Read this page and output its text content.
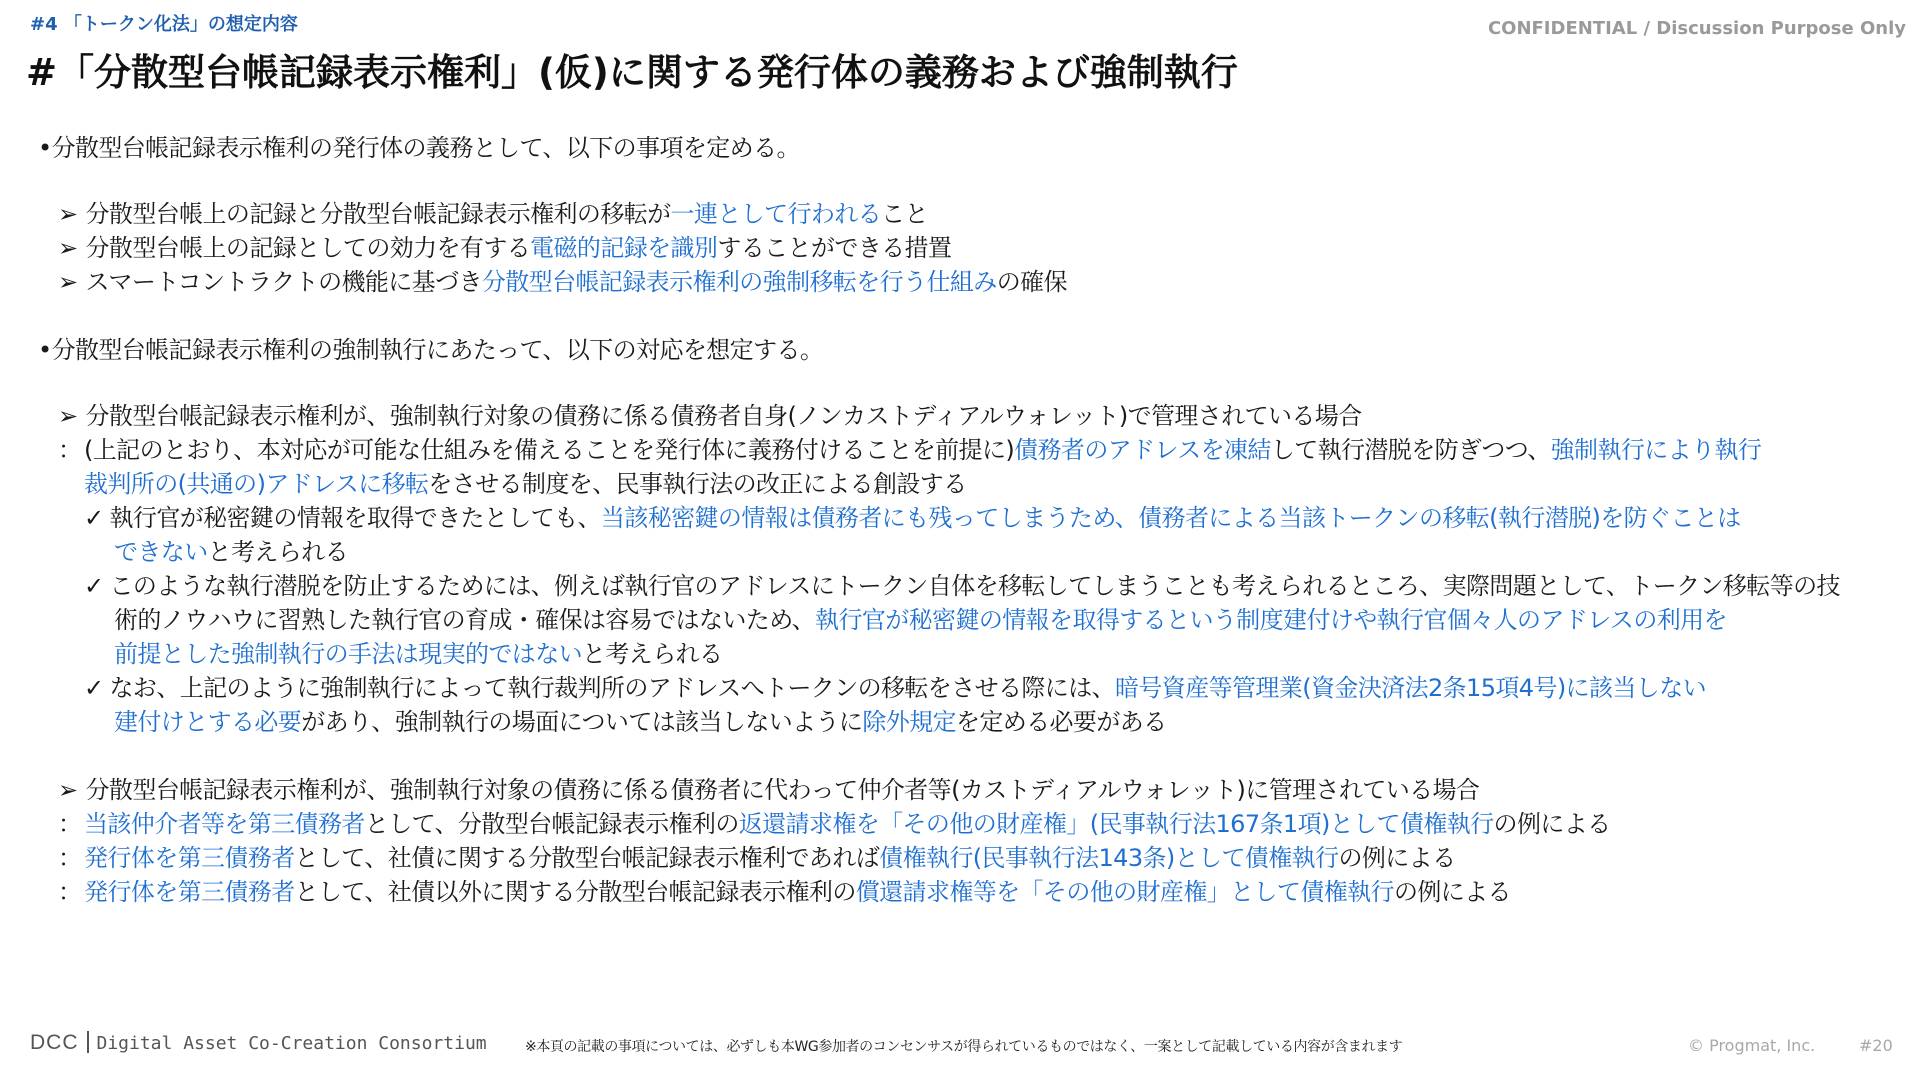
#4 「トークン化法」の想定内容	CONFIDENTIAL / Discussion Purpose Only
#「分散型台帳記録表示権利」(仮)に関する発行体の義務および強制執行
•分散型台帳記録表示権利の発行体の義務として、以下の事項を定める。
➢ 分散型台帳上の記録と分散型台帳記録表示権利の移転が一連として行われること
➢ 分散型台帳上の記録としての効力を有する電磁的記録を識別することができる措置
➢ スマートコントラクトの機能に基づき分散型台帳記録表示権利の強制移転を行う仕組みの確保
•分散型台帳記録表示権利の強制執行にあたって、以下の対応を想定する。
➢ 分散型台帳記録表示権利が、強制執行対象の債務に係る債務者自身(ノンカストディアルウォレット)で管理されている場合
： (上記のとおり、本対応が可能な仕組みを備えることを発行体に義務付けることを前提に)債務者のアドレスを凍結して執行潜脱を防ぎつつ、強制執行により執行
裁判所の(共通の)アドレスに移転をさせる制度を、民事執行法の改正による創設する
✓ 執行官が秘密鍵の情報を取得できたとしても、当該秘密鍵の情報は債務者にも残ってしまうため、債務者による当該トークンの移転(執行潜脱)を防ぐことは
できないと考えられる
✓ このような執行潜脱を防止するためには、例えば執行官のアドレスにトークン自体を移転してしまうことも考えられるところ、実際問題として、トークン移転等の技
術的ノウハウに習熟した執行官の育成・確保は容易ではないため、執行官が秘密鍵の情報を取得するという制度建付けや執行官個々人のアドレスの利用を
前提とした強制執行の手法は現実的ではないと考えられる
✓ なお、上記のように強制執行によって執行裁判所のアドレスへトークンの移転をさせる際には、暗号資産等管理業(資金決済法2条15項4号)に該当しない
建付けとする必要があり、強制執行の場面については該当しないように除外規定を定める必要がある
➢ 分散型台帳記録表示権利が、強制執行対象の債務に係る債務者に代わって仲介者等(カストディアルウォレット)に管理されている場合
： 当該仲介者等を第三債務者として、分散型台帳記録表示権利の返還請求権を「その他の財産権」(民事執行法167条1項)として債権執行の例による
： 発行体を第三債務者として、社債に関する分散型台帳記録表示権利であれば債権執行(民事執行法143条)として債権執行の例による
： 発行体を第三債務者として、社債以外に関する分散型台帳記録表示権利の償還請求権等を「その他の財産権」として債権執行の例による
DCC Digital Asset Co-Creation Consortium	※本頁の記載の事項については、必ずしも本WG参加者のコンセンサスが得られているものではなく、一案として記載している内容が含まれます	© Progmat, Inc.	#20
